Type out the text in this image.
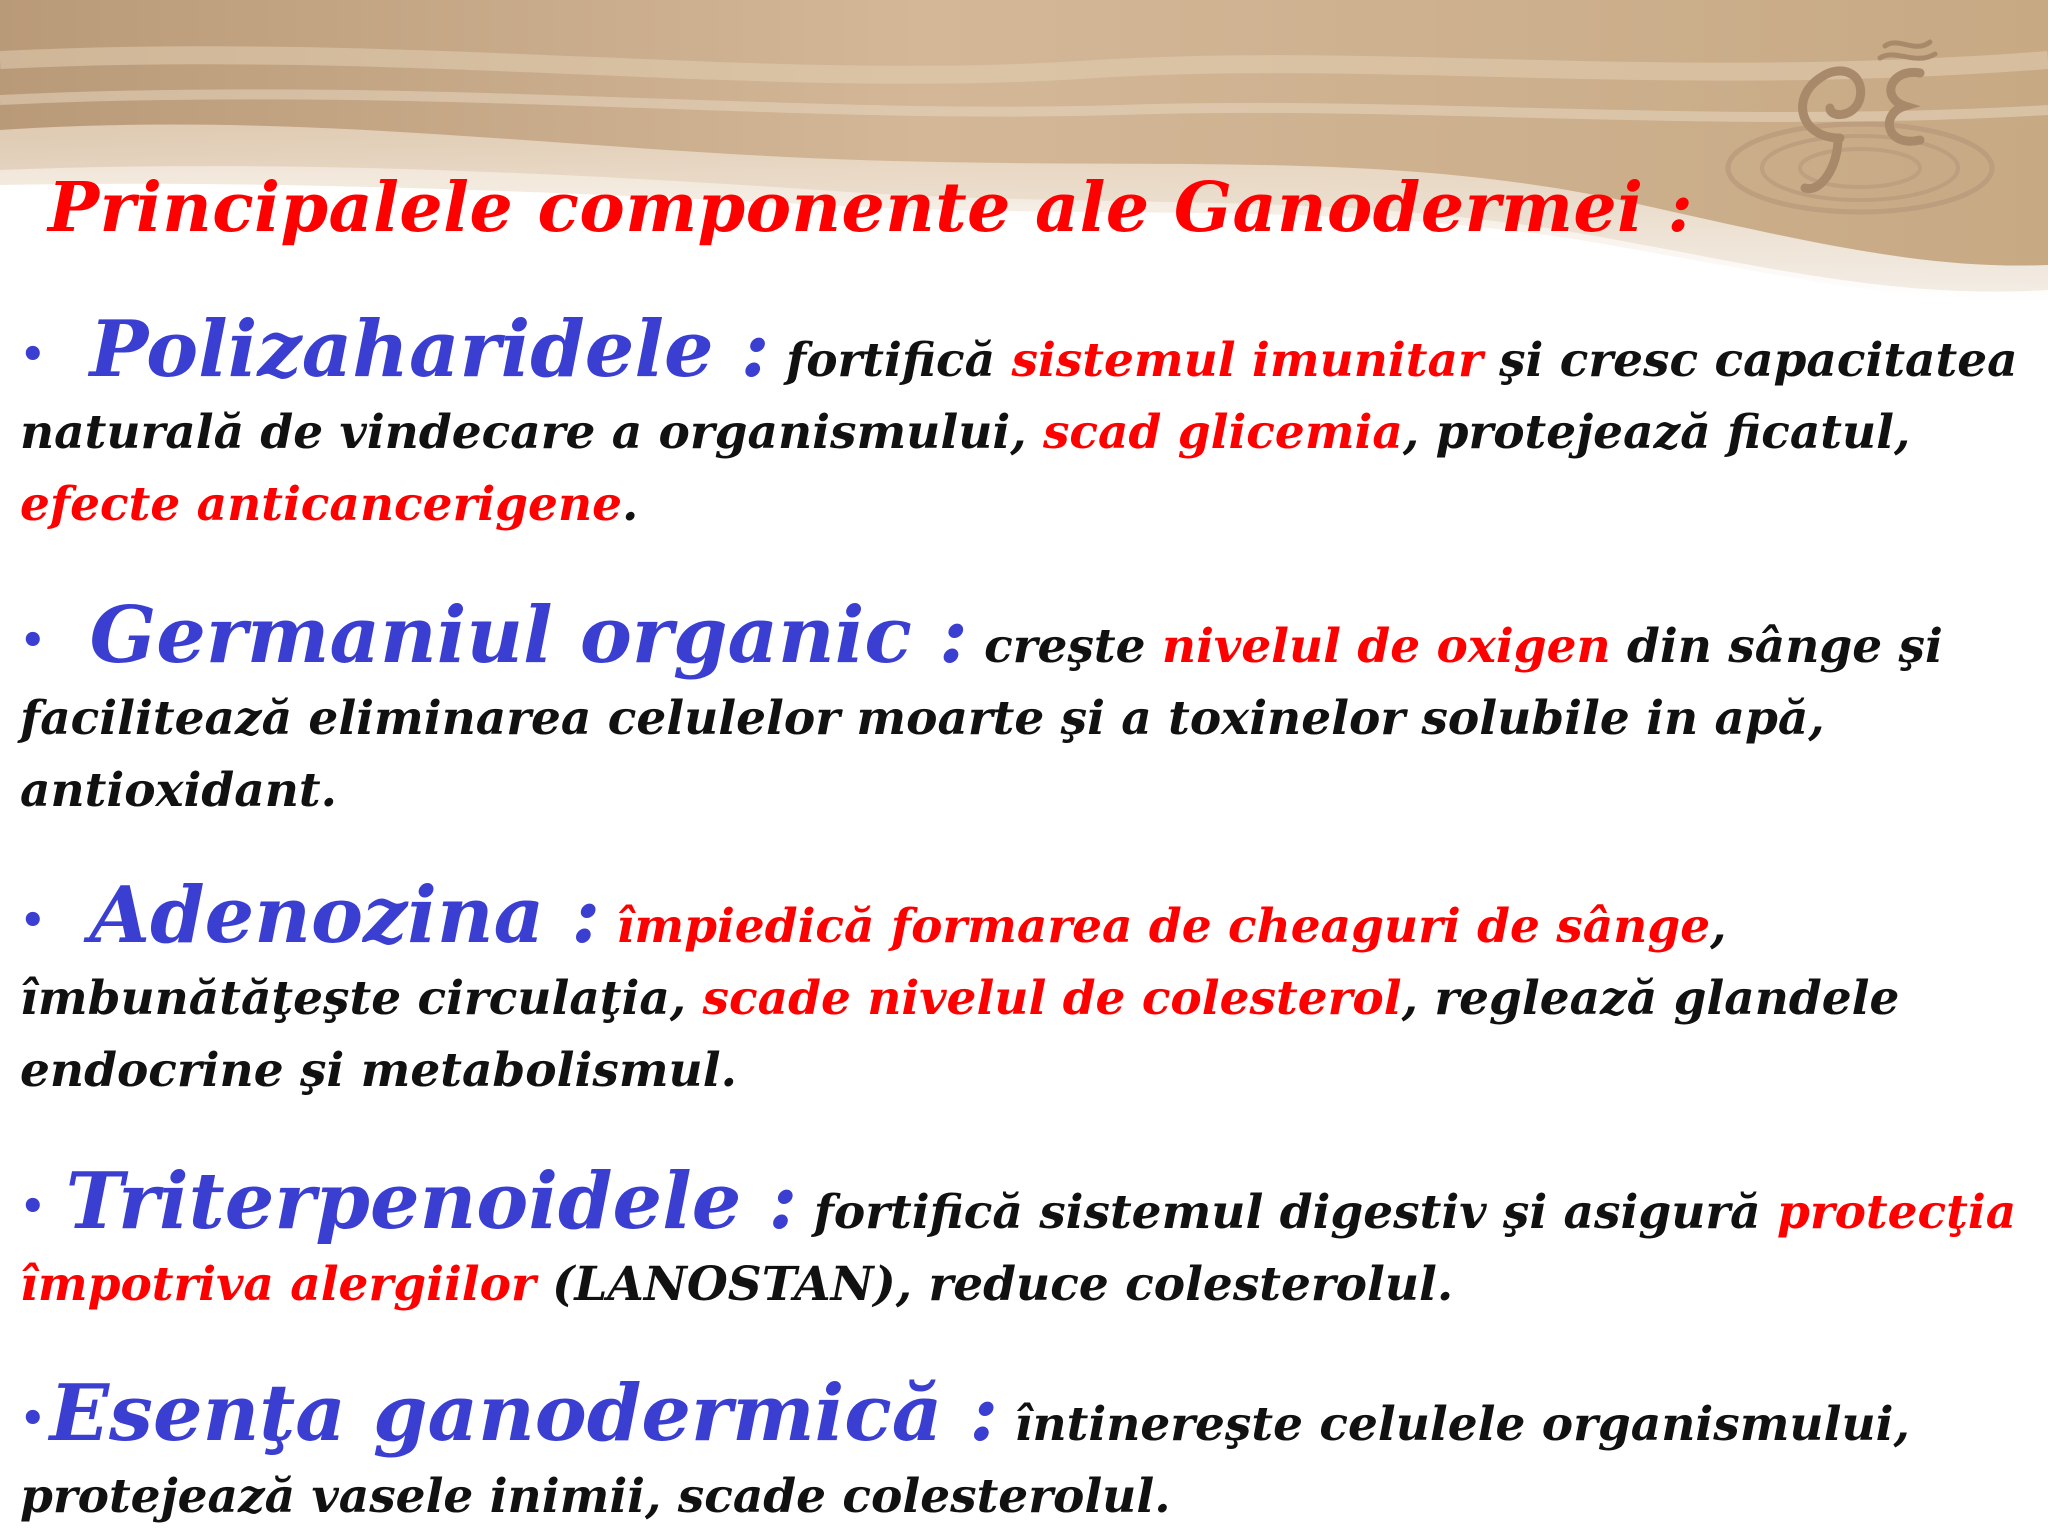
GE
Principalele componente ale Ganodermei :
• Polizaharidele : fortifică sistemul imunitar şi cresc capacitatea naturală de vindecare a organismului, scad glicemia, protejează ficatul, efecte anticancerigene.
• Germaniul organic : creşte nivelul de oxigen din sânge şi facilitează eliminarea celulelor moarte şi a toxinelor solubile in apă, antioxidant.
• Adenozina : împiedică formarea de cheaguri de sânge, îmbunătăţeşte circulaţia, scade nivelul de colesterol, reglează glandele endocrine şi metabolismul.
• Triterpenoidele : fortifică sistemul digestiv şi asigură protecţia împotriva alergiilor (LANOSTAN), reduce colesterolul.
•Esenţa ganodermică : întinereşte celulele organismului, protejează vasele inimii, scade colesterolul.
